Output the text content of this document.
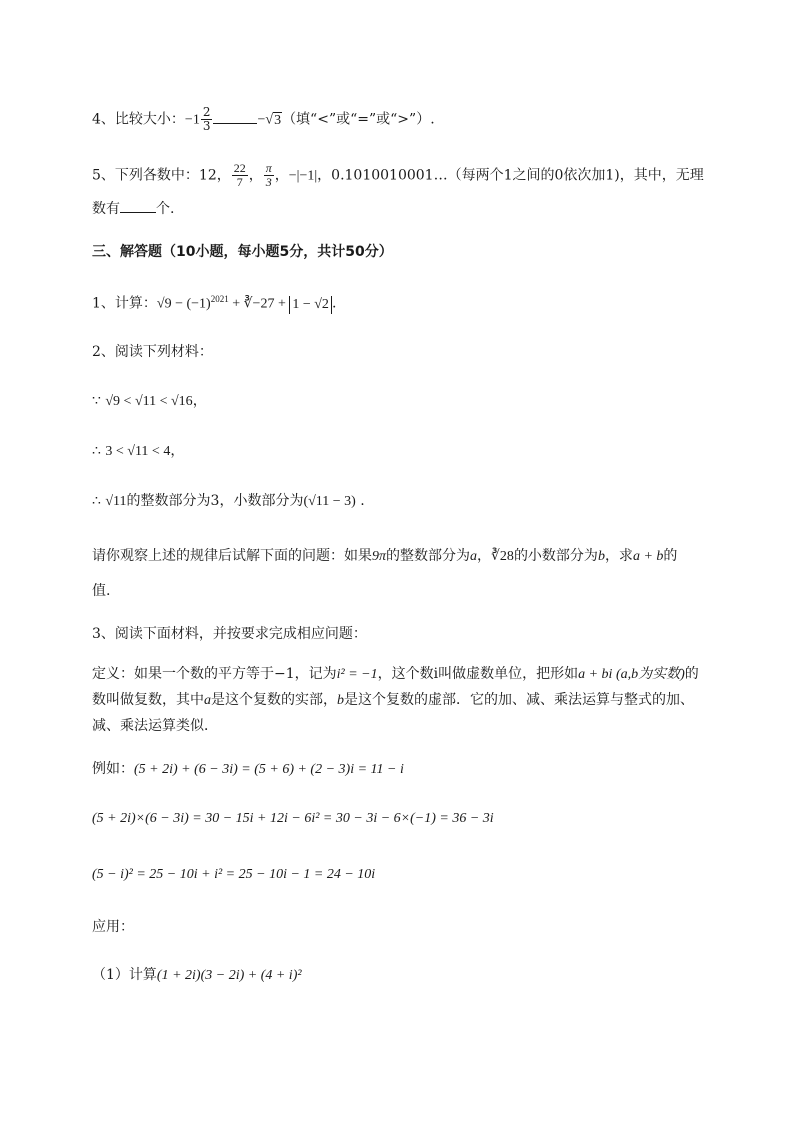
4、比较大小：$-1 \frac{2}{3}$	−√3（填“<”或“=”或“>”）.
5、下列各数中：12， $\frac{22}{7}$ ， $\frac{\pi}{3}$ ，−|−1|，0.1010010001…（每两个1之间的0依次加1)，其中，无理
数有	个.
三、解答题（10小题，每小题5分，共计50分）
1、计算：$√9 - (-1)^{2021}$ + ∛−27 + 1 − √2 .
2、阅读下列材料：
∵ √9 < √11 < √16，
∴ 3 < √11 < 4，
∴ √11的整数部分为3，小数部分为(√11 − 3) .
请你观察上述的规律后试解下面的问题：如果9π的整数部分为a，∛28的小数部分为b，求a + b的
值.
3、阅读下面材料，并按要求完成相应问题：
定义：如果一个数的平方等于−1，记为i² = −1，这个数i叫做虚数单位，把形如a + bi (a,b为实数)的
数叫做复数，其中a是这个复数的实部，b是这个复数的虚部．它的加、减、乘法运算与整式的加、
减、乘法运算类似．
例如：(5 + 2i) + (6 − 3i) = (5 + 6) + (2 − 3)i = 11 − i
(5 + 2i)×(6 − 3i) = 30 − 15i + 12i − 6i² = 30 − 3i − 6×(−1) = 36 − 3i
(5 − i)² = 25 − 10i + i² = 25 − 10i − 1 = 24 − 10i
应用：
（1）计算(1 + 2i)(3 − 2i) + (4 + i)²
